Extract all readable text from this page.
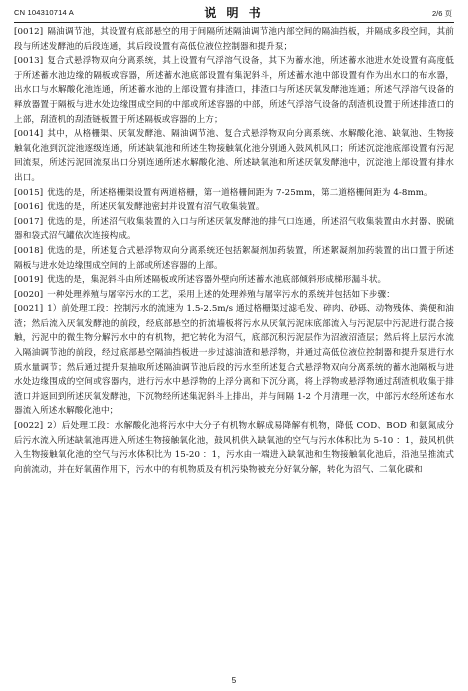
CN 104310714 A	说 明 书	2/6 页

[0012] 隔油调节池，其设置有底部悬空的用于间隔所述隔油调节池内部空间的隔油挡板，并隔成多段空间，其前段与所述发酵池的后段连通，其后段设置有高低位液位控制器和提升泵；

[0013] 复合式悬浮物双向分离系统，其上设置有气浮溶气设备，其下为蓄水池，所述蓄水池进水处设置有高度低于所述蓄水池边缘的隔板或容器，所述蓄水池底部设置有集泥斜斗，所述蓄水池中部设置有作为出水口的布水器，出水口与水解酸化池连通，所述蓄水池的上部设置有排渣口，排渣口与所述厌氧发酵池连通；所述气浮溶气设备的释放器置于隔板与进水处边缘围成空间的中部或所述容器的中部，所述气浮溶气设备的刮渣机设置于所述排渣口的上部，刮渣机的刮渣链板置于所述隔板或容器的上方；

[0014] 其中，从格栅渠、厌氧发酵池、隔油调节池、复合式悬浮物双向分离系统、水解酸化池、缺氧池、生物接触氧化池到沉淀池逐级连通，所述缺氧池和所述生物接触氧化池分别通入鼓风机风口；所述沉淀池底部设置有污泥回流泵，所述污泥回流泵出口分别连通所述水解酸化池、所述缺氧池和所述厌氧发酵池中，沉淀池上部设置有排水出口。

[0015] 优选的是，所述格栅渠设置有两道格栅，第一道格栅间距为 7-25mm，第二道格栅间距为 4-8mm。

[0016] 优选的是，所述厌氧发酵池密封并设置有沼气收集装置。

[0017] 优选的是，所述沼气收集装置的入口与所述厌氧发酵池的排气口连通，所述沼气收集装置由水封器、脱硫器和袋式沼气罐依次连接构成。

[0018] 优选的是，所述复合式悬浮物双向分离系统还包括絮凝剂加药装置，所述絮凝剂加药装置的出口置于所述隔板与进水处边缘围成空间的上部或所述容器的上部。

[0019] 优选的是，集泥斜斗由所述隔板或所述容器外壁向所述蓄水池底部倾斜形成梯形漏斗状。

[0020] 一种处理养殖与屠宰污水的工艺，采用上述的处理养殖与屠宰污水的系统并包括如下步骤：

[0021] 1）前处理工段：控制污水的流速为 1.5-2.5m/s 通过格栅渠过滤毛发、碎肉、砂砾、动物残体、粪便和油渣；然后流入厌氧发酵池的前段，经底部悬空的折流墙板将污水从厌氧污泥床底部流入与污泥层中污泥进行混合接触，污泥中的微生物分解污水中的有机物，把它转化为沼气，底部沉积污泥层作为沼液沼渣层；然后将上层污水流入隔油调节池的前段，经过底部悬空隔油挡板进一步过滤油渣和悬浮物，并通过高低位液位控制器和提升泵进行水质水量调节；然后通过提升泵抽取所述隔油调节池后段的污水至所述复合式悬浮物双向分离系统的蓄水池隔板与进水处边缘围成的空间或容器内，进行污水中悬浮物的上浮分离和下沉分离，将上浮物或悬浮物通过刮渣机收集于排渣口并返回到所述厌氧发酵池，下沉物经所述集泥斜斗上排出，并与间隔 1-2 个月清理一次，中部污水经所述布水器流入所述水解酸化池中；

[0022] 2）后处理工段：水解酸化池将污水中大分子有机物水解成易降解有机物，降低 COD、BOD 和氨氮成分后污水流入所述缺氧池再进入所述生物接触氧化池，鼓风机供入缺氧池的空气与污水体积比为 5-10 ：1，鼓风机供入生物接触氧化池的空气与污水体积比为 15-20 ：1，污水由一端进入缺氧池和生物接触氧化池后，沿池呈推流式向前流动，并在好氧菌作用下，污水中的有机物质及有机污染物被充分好氧分解，转化为沼气、二氧化碳和

5
